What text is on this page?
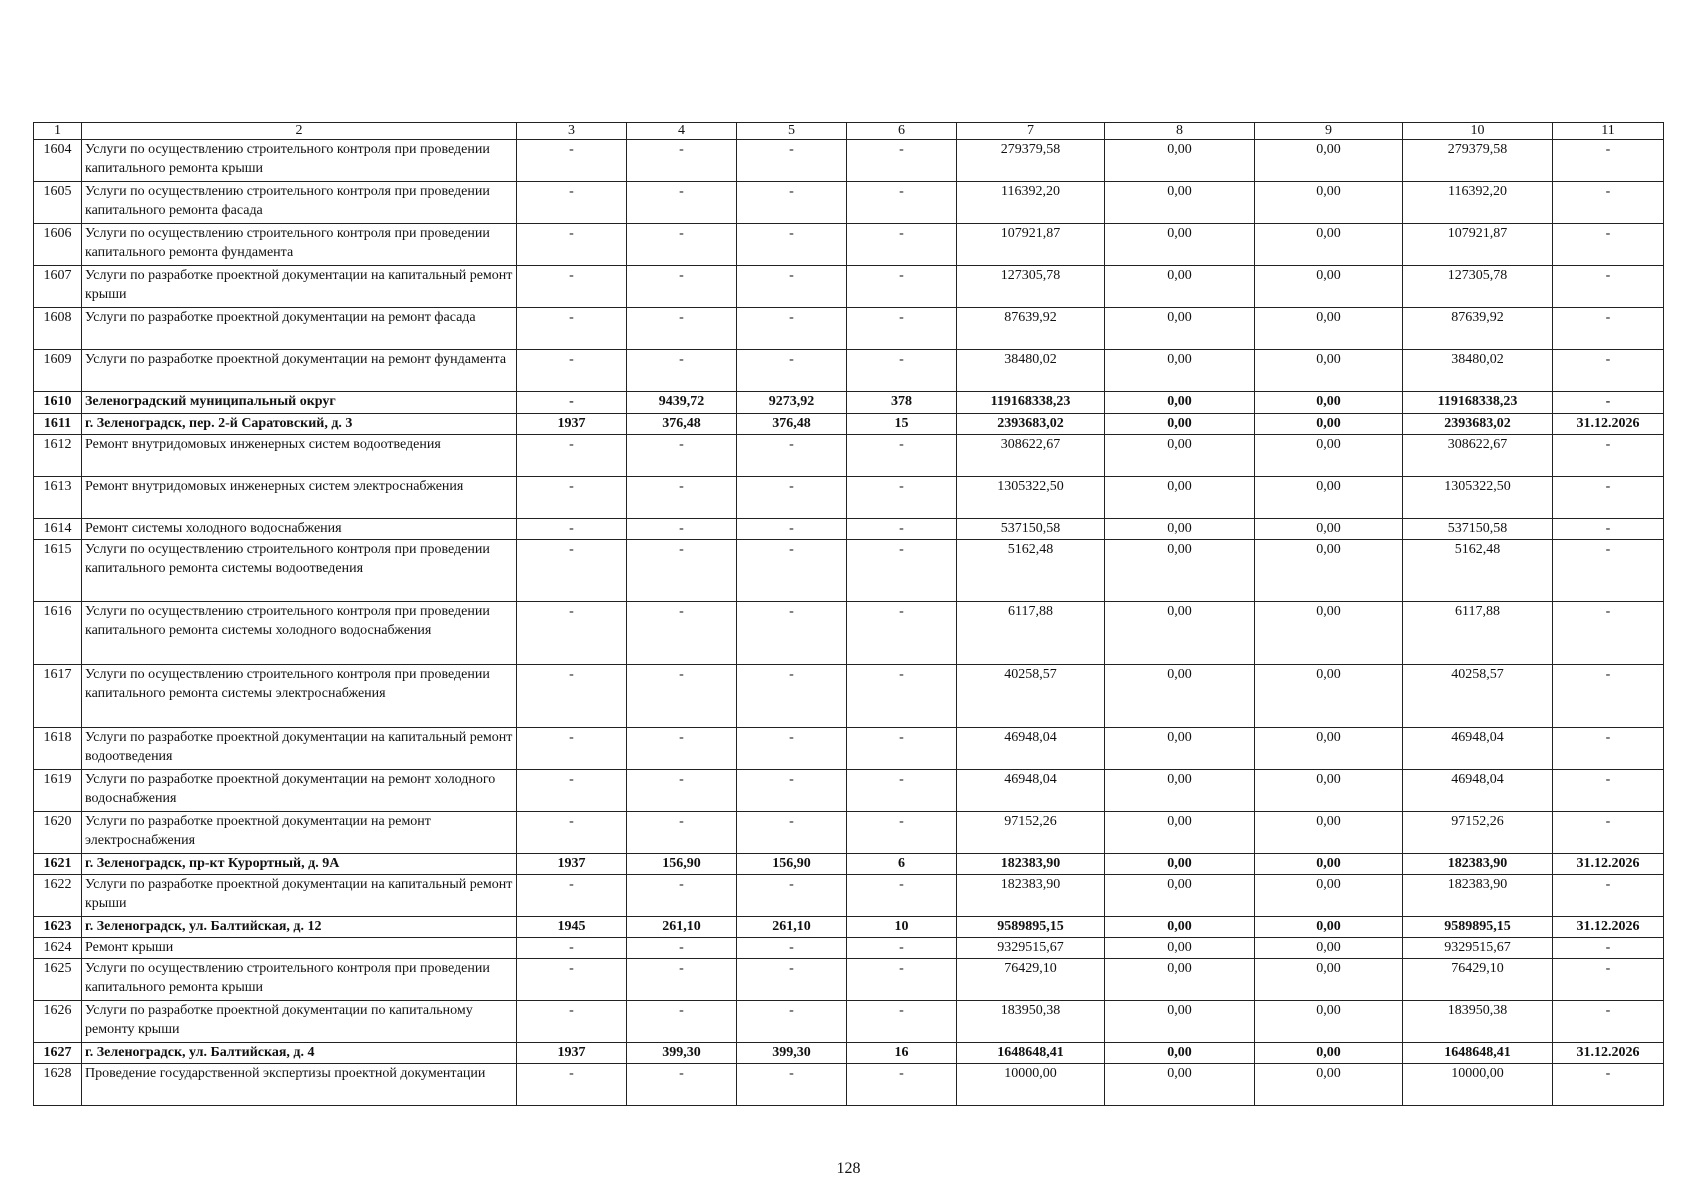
1	2	3	4	5	6	7	8	9	10	11
1604	Услуги по осуществлению строительного контроля при проведении капитального ремонта крыши	-	-	-	-	279379,58	0,00	0,00	279379,58	-
1605	Услуги по осуществлению строительного контроля при проведении капитального ремонта фасада	-	-	-	-	116392,20	0,00	0,00	116392,20	-
1606	Услуги по осуществлению строительного контроля при проведении капитального ремонта фундамента	-	-	-	-	107921,87	0,00	0,00	107921,87	-
1607	Услуги по разработке проектной документации на капитальный ремонт крыши	-	-	-	-	127305,78	0,00	0,00	127305,78	-
1608	Услуги по разработке проектной документации на ремонт фасада	-	-	-	-	87639,92	0,00	0,00	87639,92	-
1609	Услуги по разработке проектной документации на ремонт фундамента	-	-	-	-	38480,02	0,00	0,00	38480,02	-
1610	Зеленоградский муниципальный округ	-	9439,72	9273,92	378	119168338,23	0,00	0,00	119168338,23	-
1611	г. Зеленоградск, пер. 2-й Саратовский, д. 3	1937	376,48	376,48	15	2393683,02	0,00	0,00	2393683,02	31.12.2026
1612	Ремонт внутридомовых инженерных систем водоотведения	-	-	-	-	308622,67	0,00	0,00	308622,67	-
1613	Ремонт внутридомовых инженерных систем электроснабжения	-	-	-	-	1305322,50	0,00	0,00	1305322,50	-
1614	Ремонт системы холодного водоснабжения	-	-	-	-	537150,58	0,00	0,00	537150,58	-
1615	Услуги по осуществлению строительного контроля при проведении капитального ремонта системы водоотведения	-	-	-	-	5162,48	0,00	0,00	5162,48	-
1616	Услуги по осуществлению строительного контроля при проведении капитального ремонта системы холодного водоснабжения	-	-	-	-	6117,88	0,00	0,00	6117,88	-
1617	Услуги по осуществлению строительного контроля при проведении капитального ремонта системы электроснабжения	-	-	-	-	40258,57	0,00	0,00	40258,57	-
1618	Услуги по разработке проектной документации на капитальный ремонт водоотведения	-	-	-	-	46948,04	0,00	0,00	46948,04	-
1619	Услуги по разработке проектной документации на ремонт холодного водоснабжения	-	-	-	-	46948,04	0,00	0,00	46948,04	-
1620	Услуги по разработке проектной документации на ремонт электроснабжения	-	-	-	-	97152,26	0,00	0,00	97152,26	-
1621	г. Зеленоградск, пр-кт Курортный, д. 9А	1937	156,90	156,90	6	182383,90	0,00	0,00	182383,90	31.12.2026
1622	Услуги по разработке проектной документации на капитальный ремонт крыши	-	-	-	-	182383,90	0,00	0,00	182383,90	-
1623	г. Зеленоградск, ул. Балтийская, д. 12	1945	261,10	261,10	10	9589895,15	0,00	0,00	9589895,15	31.12.2026
1624	Ремонт крыши	-	-	-	-	9329515,67	0,00	0,00	9329515,67	-
1625	Услуги по осуществлению строительного контроля при проведении капитального ремонта крыши	-	-	-	-	76429,10	0,00	0,00	76429,10	-
1626	Услуги по разработке проектной документации по капитальному ремонту крыши	-	-	-	-	183950,38	0,00	0,00	183950,38	-
1627	г. Зеленоградск, ул. Балтийская, д. 4	1937	399,30	399,30	16	1648648,41	0,00	0,00	1648648,41	31.12.2026
1628	Проведение государственной экспертизы проектной документации	-	-	-	-	10000,00	0,00	0,00	10000,00	-
128
